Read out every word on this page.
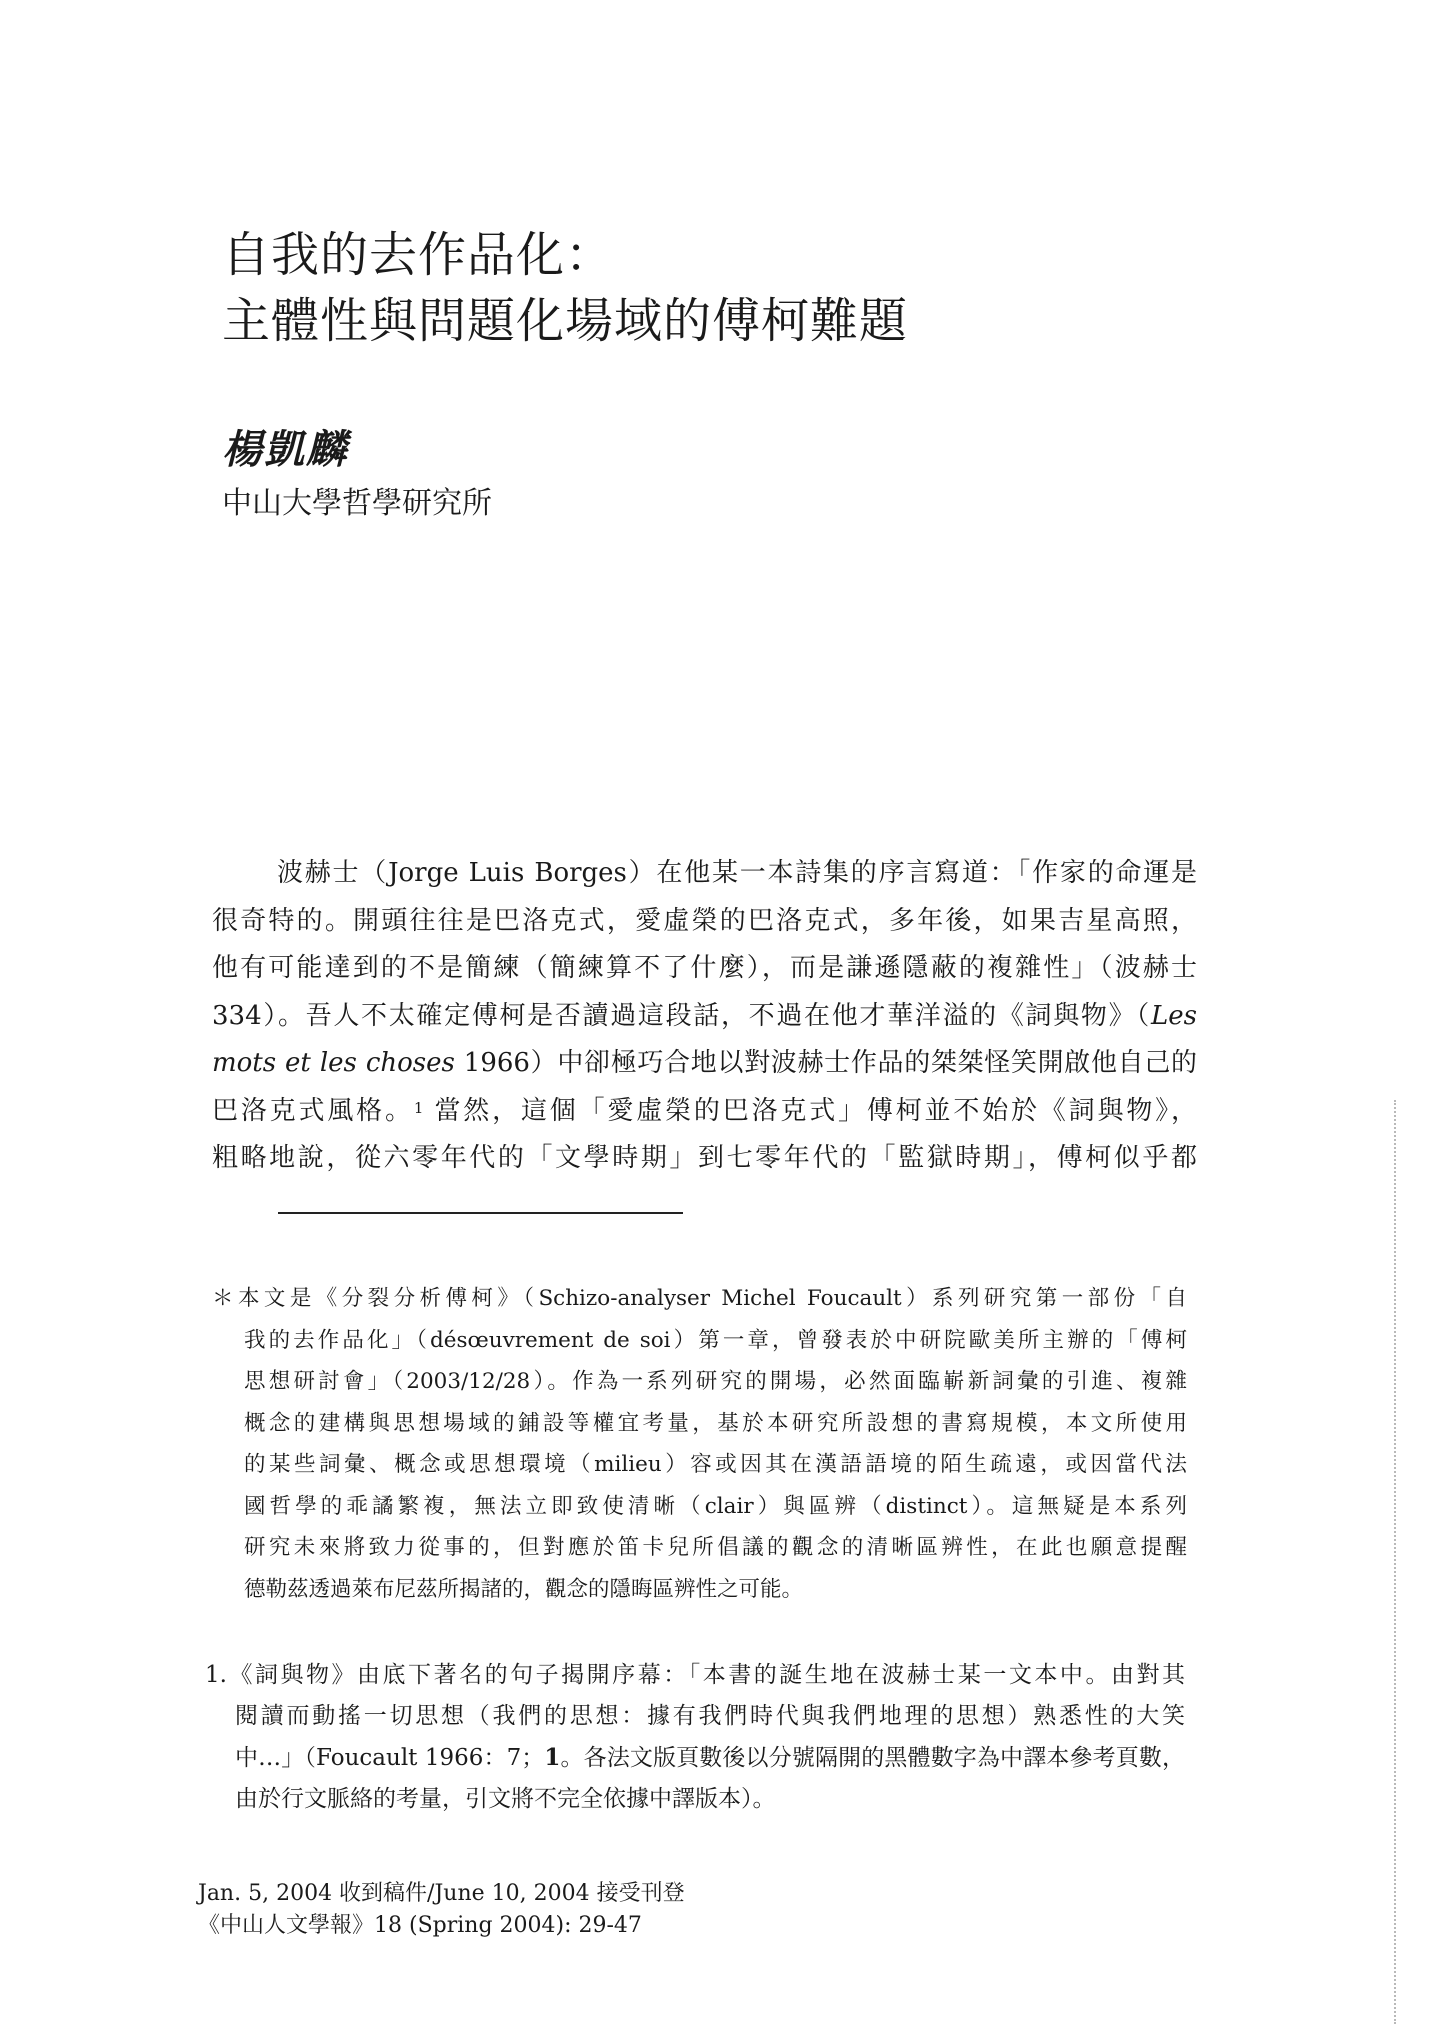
自我的去作品化：
主體性與問題化場域的傅柯難題
楊凱麟
中山大學哲學研究所
波赫士（Jorge Luis Borges）在他某一本詩集的序言寫道：「作家的命運是
很奇特的。開頭往往是巴洛克式，愛虛榮的巴洛克式，多年後，如果吉星高照，
他有可能達到的不是簡練（簡練算不了什麼），而是謙遜隱蔽的複雜性」（波赫士
334）。吾人不太確定傅柯是否讀過這段話，不過在他才華洋溢的《詞與物》（Les
mots et les choses 1966）中卻極巧合地以對波赫士作品的桀桀怪笑開啟他自己的
巴洛克式風格。$^1$ 當然，這個「愛虛榮的巴洛克式」傅柯並不始於《詞與物》，
粗略地說，從六零年代的「文學時期」到七零年代的「監獄時期」，傅柯似乎都
＊本文是《分裂分析傅柯》（Schizo-analyser Michel Foucault）系列研究第一部份「自
我的去作品化」（désœuvrement de soi）第一章，曾發表於中研院歐美所主辦的「傅柯
思想研討會」（2003/12/28）。作為一系列研究的開場，必然面臨嶄新詞彙的引進、複雜
概念的建構與思想場域的鋪設等權宜考量，基於本研究所設想的書寫規模，本文所使用
的某些詞彙、概念或思想環境（milieu）容或因其在漢語語境的陌生疏遠，或因當代法
國哲學的乖譎繁複，無法立即致使清晰（clair）與區辨（distinct）。這無疑是本系列
研究未來將致力從事的，但對應於笛卡兒所倡議的觀念的清晰區辨性，在此也願意提醒
德勒茲透過萊布尼茲所揭諸的，觀念的隱晦區辨性之可能。
1.《詞與物》由底下著名的句子揭開序幕：「本書的誕生地在波赫士某一文本中。由對其
閱讀而動搖一切思想（我們的思想：據有我們時代與我們地理的思想）熟悉性的大笑
中…」（Foucault 1966：7；1。各法文版頁數後以分號隔開的黑體數字為中譯本參考頁數，
由於行文脈絡的考量，引文將不完全依據中譯版本）。
Jan. 5, 2004 收到稿件/June 10, 2004 接受刊登
《中山人文學報》18 (Spring 2004): 29-47
